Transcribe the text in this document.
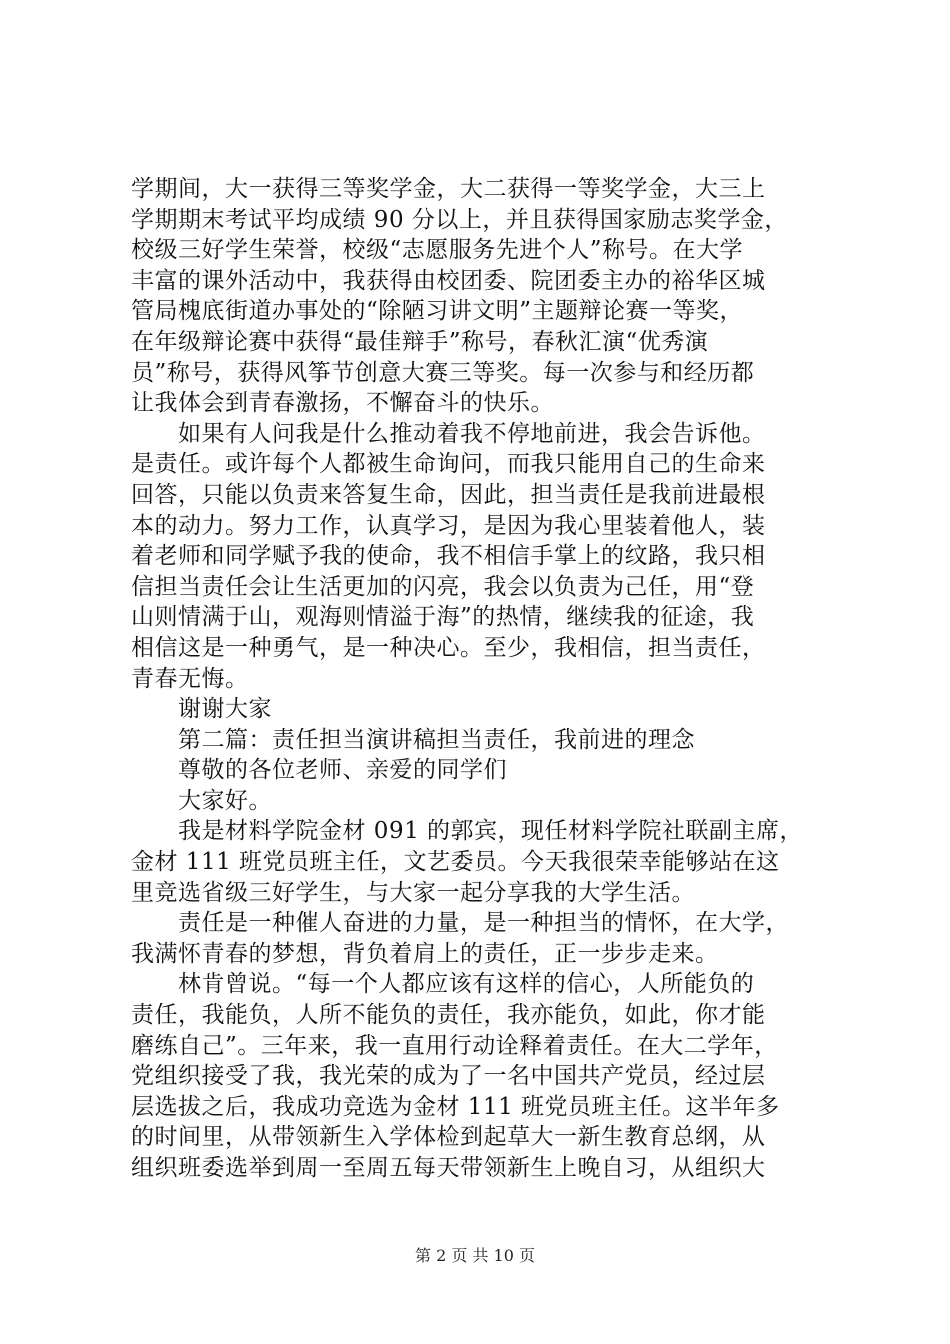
学期间，大一获得三等奖学金，大二获得一等奖学金，大三上
学期期末考试平均成绩 90 分以上，并且获得国家励志奖学金，
校级三好学生荣誉，校级“志愿服务先进个人”称号。在大学
丰富的课外活动中，我获得由校团委、院团委主办的裕华区城
管局槐底街道办事处的“除陋习讲文明”主题辩论赛一等奖，
在年级辩论赛中获得“最佳辩手”称号，春秋汇演“优秀演
员”称号，获得风筝节创意大赛三等奖。每一次参与和经历都
让我体会到青春激扬，不懈奋斗的快乐。
如果有人问我是什么推动着我不停地前进，我会告诉他。
是责任。或许每个人都被生命询问，而我只能用自己的生命来
回答，只能以负责来答复生命，因此，担当责任是我前进最根
本的动力。努力工作，认真学习，是因为我心里装着他人，装
着老师和同学赋予我的使命，我不相信手掌上的纹路，我只相
信担当责任会让生活更加的闪亮，我会以负责为己任，用“登
山则情满于山，观海则情溢于海”的热情，继续我的征途，我
相信这是一种勇气，是一种决心。至少，我相信，担当责任，
青春无悔。
谢谢大家
第二篇：责任担当演讲稿担当责任，我前进的理念
尊敬的各位老师、亲爱的同学们
大家好。
我是材料学院金材 091 的郭宾，现任材料学院社联副主席，
金材 111 班党员班主任，文艺委员。今天我很荣幸能够站在这
里竞选省级三好学生，与大家一起分享我的大学生活。
责任是一种催人奋进的力量，是一种担当的情怀，在大学，
我满怀青春的梦想，背负着肩上的责任，正一步步走来。
林肯曾说。“每一个人都应该有这样的信心，人所能负的
责任，我能负，人所不能负的责任，我亦能负，如此，你才能
磨练自己”。三年来，我一直用行动诠释着责任。在大二学年，
党组织接受了我，我光荣的成为了一名中国共产党员，经过层
层选拔之后，我成功竞选为金材 111 班党员班主任。这半年多
的时间里，从带领新生入学体检到起草大一新生教育总纲，从
组织班委选举到周一至周五每天带领新生上晚自习，从组织大
第 2 页 共 10 页
